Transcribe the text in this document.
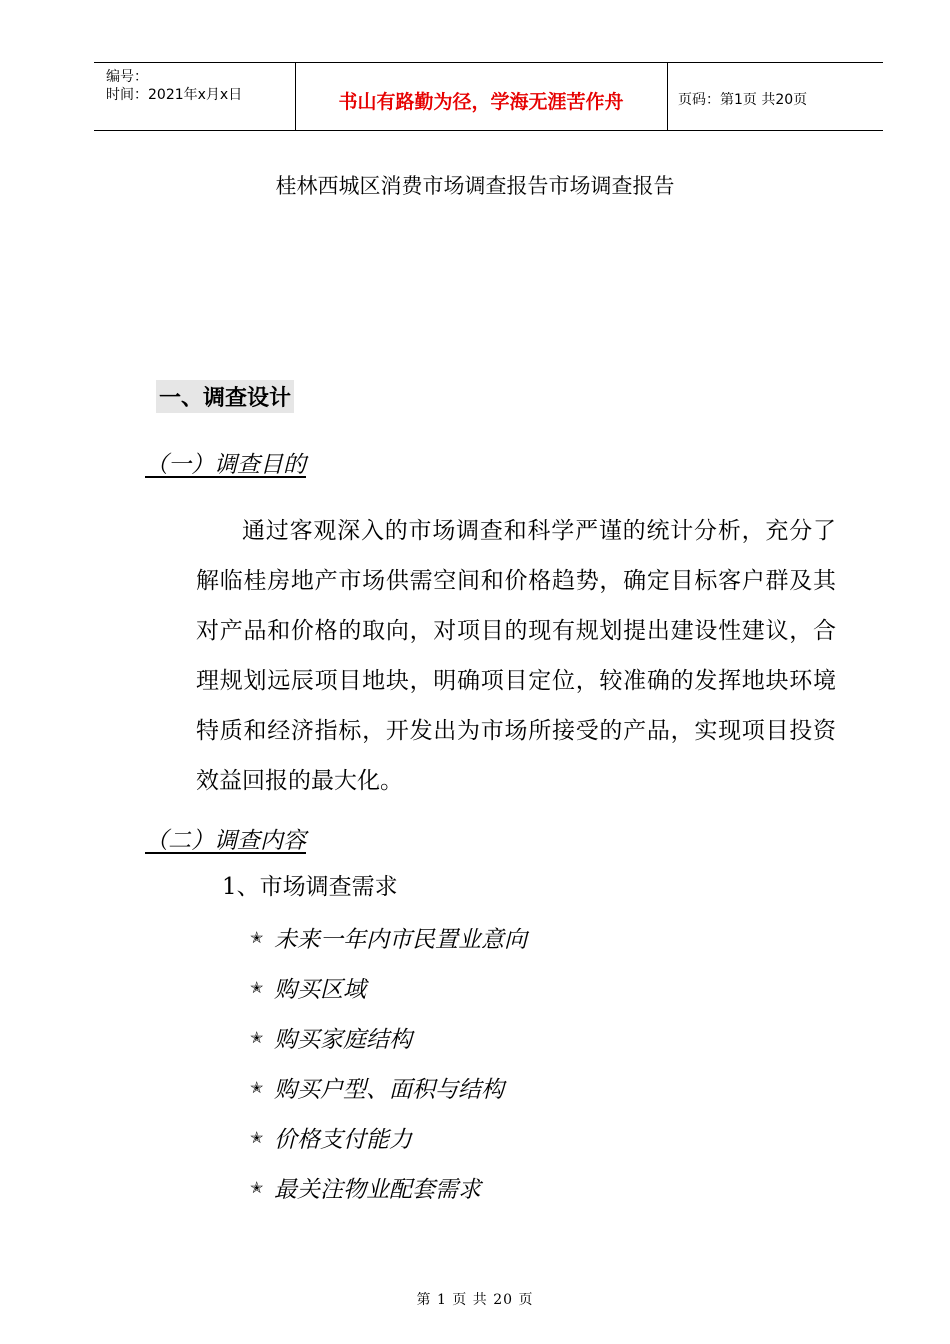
编号：
时间：2021年x月x日	书山有路勤为径，学海无涯苦作舟	页码：第1页 共20页
桂林西城区消费市场调查报告市场调查报告
一、调查设计
（一）调查目的

通过客观深入的市场调查和科学严谨的统计分析，充分了解临桂房地产市场供需空间和价格趋势，确定目标客户群及其对产品和价格的取向，对项目的现有规划提出建设性建议，合理规划远辰项目地块，明确项目定位，较准确的发挥地块环境特质和经济指标，开发出为市场所接受的产品，实现项目投资效益回报的最大化。

（二）调查内容
1、市场调查需求
✭ 未来一年内市民置业意向
✭ 购买区域
✭ 购买家庭结构
✭ 购买户型、面积与结构
✭ 价格支付能力
✭ 最关注物业配套需求
第 1 页 共 20 页
